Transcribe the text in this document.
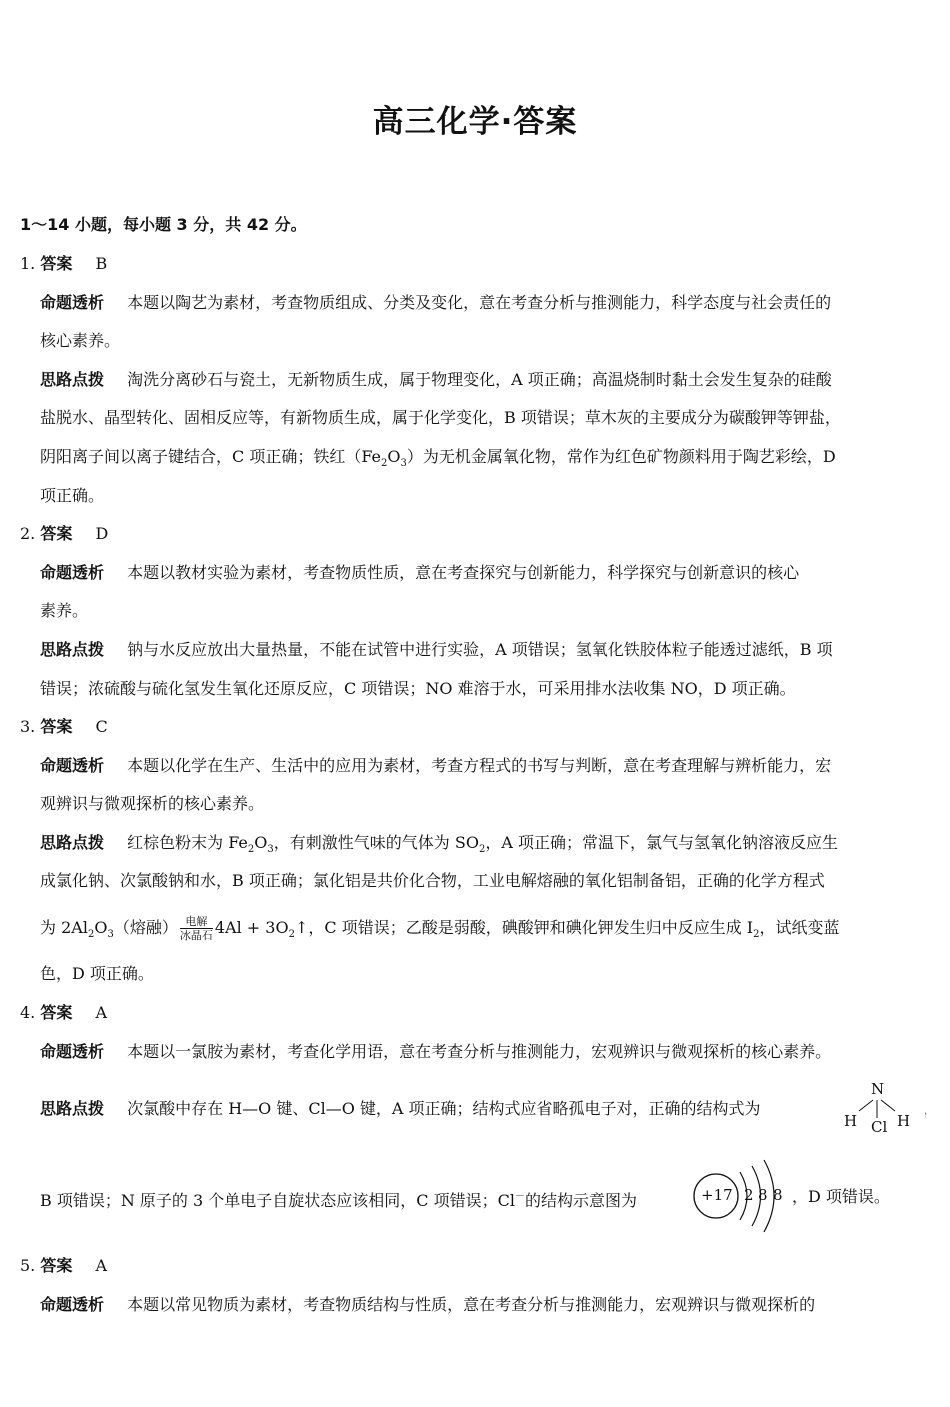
高三化学·答案
1～14 小题，每小题 3 分，共 42 分。
1. 答案 B
命题透析 本题以陶艺为素材，考查物质组成、分类及变化，意在考查分析与推测能力，科学态度与社会责任的
核心素养。
思路点拨 淘洗分离砂石与瓷土，无新物质生成，属于物理变化，A 项正确；高温烧制时黏土会发生复杂的硅酸
盐脱水、晶型转化、固相反应等，有新物质生成，属于化学变化，B 项错误；草木灰的主要成分为碳酸钾等钾盐，
阴阳离子间以离子键结合，C 项正确；铁红$(Fe_2O_3)$为无机金属氧化物，常作为红色矿物颜料用于陶艺彩绘，D
项正确。
2. 答案 D
命题透析 本题以教材实验为素材，考查物质性质，意在考查探究与创新能力，科学探究与创新意识的核心
素养。
思路点拨 钠与水反应放出大量热量，不能在试管中进行实验，A 项错误；氢氧化铁胶体粒子能透过滤纸，B 项
错误；浓硫酸与硫化氢发生氧化还原反应，C 项错误；NO 难溶于水，可采用排水法收集 NO，D 项正确。
3. 答案 C
命题透析 本题以化学在生产、生活中的应用为素材，考查方程式的书写与判断，意在考查理解与辨析能力，宏
观辨识与微观探析的核心素养。
思路点拨 红棕色粉末为 $Fe_2O_3$，有刺激性气味的气体为 $SO_2$，A 项正确；常温下，氯气与氢氧化钠溶液反应生
成氯化钠、次氯酸钠和水，B 项正确；氯化铝是共价化合物，工业电解熔融的氧化铝制备铝，正确的化学方程式
为 $2Al_2O_3$（熔融） $\frac{\text{电解}}{\text{冰晶石}} 4Al$ + $3O_2↑$，C 项错误；乙酸是弱酸，碘酸钾和碘化钾发生归中反应生成 $I_2$，试纸变蓝
色，D 项正确。
4. 答案 A
命题透析 本题以一氯胺为素材，考查化学用语，意在考查分析与推测能力，宏观辨识与微观探析的核心素养。
思路点拨 次氯酸中存在 H—O 键、Cl—O 键，A 项正确；结构式应省略孤电子对，正确的结构式为
N
H Cl H
，
B 项错误；N 原子的 3 个单电子自旋状态应该相同，C 项错误；Cl－的结构示意图为	+17 2 8 8 ，D 项错误。
5. 答案 A
命题透析 本题以常见物质为素材，考查物质结构与性质，意在考查分析与推测能力，宏观辨识与微观探析的
